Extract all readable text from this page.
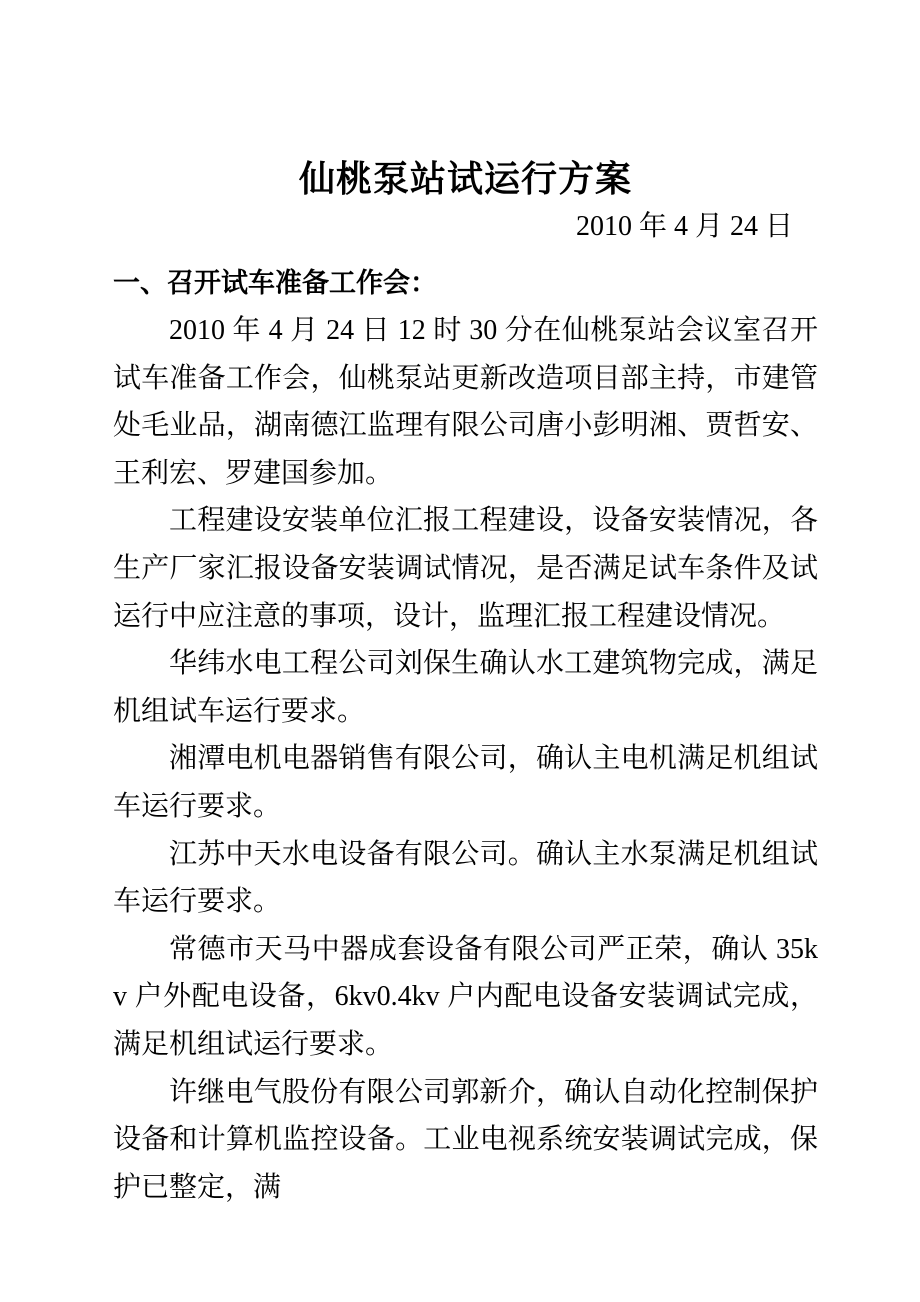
仙桃泵站试运行方案
2010 年 4 月 24 日
一、召开试车准备工作会：

2010 年 4 月 24 日 12 时 30 分在仙桃泵站会议室召开试车准备工作会，仙桃泵站更新改造项目部主持，市建管处毛业品，湖南德江监理有限公司唐小彭明湘、贾哲安、王利宏、罗建国参加。

工程建设安装单位汇报工程建设，设备安装情况，各生产厂家汇报设备安装调试情况，是否满足试车条件及试运行中应注意的事项，设计，监理汇报工程建设情况。

华纬水电工程公司刘保生确认水工建筑物完成，满足机组试车运行要求。

湘潭电机电器销售有限公司，确认主电机满足机组试车运行要求。

江苏中天水电设备有限公司。确认主水泵满足机组试车运行要求。

常德市天马中器成套设备有限公司严正荣，确认 35kv 户外配电设备，6kv0.4kv 户内配电设备安装调试完成，满足机组试运行要求。

许继电气股份有限公司郭新介，确认自动化控制保护设备和计算机监控设备。工业电视系统安装调试完成，保护已整定，满
